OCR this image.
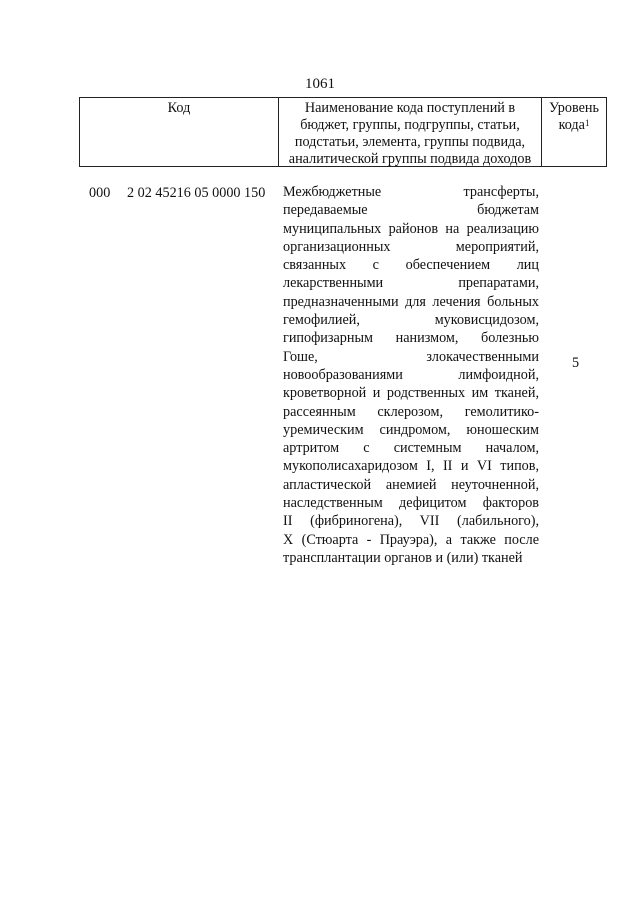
1061
Код	Наименование кода поступлений в
бюджет, группы, подгруппы, статьи,
подстатьи, элемента, группы подвида,
аналитической группы подвида доходов
Уровень
кода$^1$
000 2 02 45216 05 0000 150 Межбюджетные трансферты,
передаваемые бюджетам
муниципальных районов на реализацию
организационных мероприятий,
связанных с обеспечением лиц
лекарственными препаратами,
предназначенными для лечения больных
гемофилией, муковисцидозом,
гипофизарным нанизмом, болезнью
Гоше, злокачественными
новообразованиями лимфоидной,
кроветворной и родственных им тканей,
рассеянным склерозом, гемолитико-
уремическим синдромом, юношеским
артритом с системным началом,
мукополисахаридозом I, II и VI типов,
апластической анемией неуточненной,
наследственным дефицитом факторов
II (фибриногена), VII (лабильного),
X (Стюарта - Прауэра), а также после
трансплантации органов и (или) тканей
5
